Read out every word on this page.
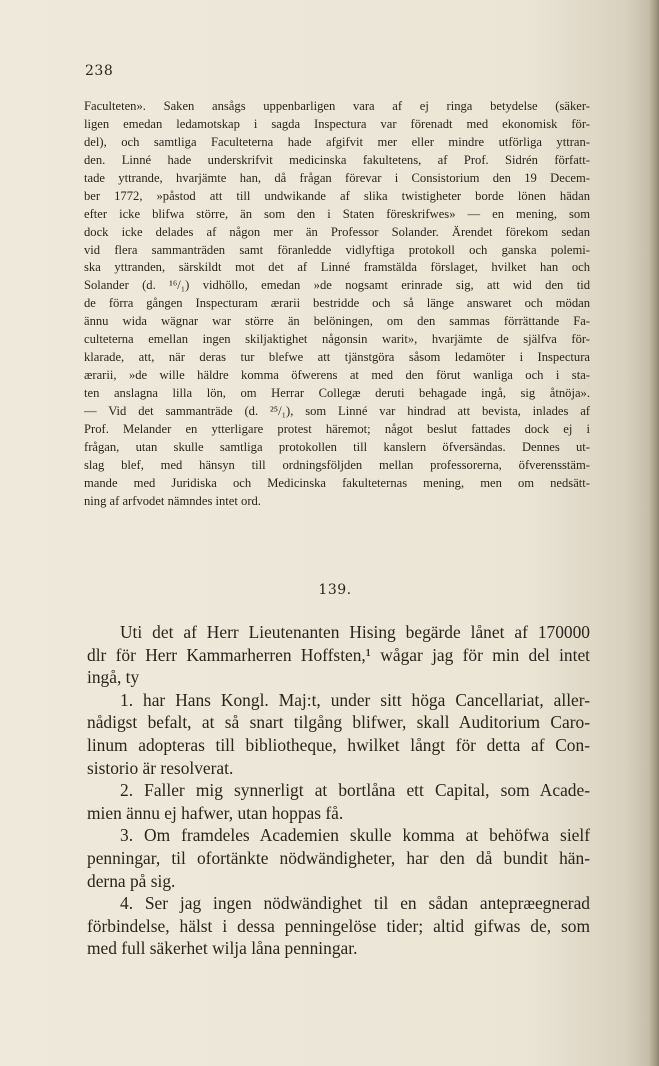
238
Faculteten». Saken ansågs uppenbarligen vara af ej ringa betydelse (säker-
ligen emedan ledamotskap i sagda Inspectura var förenadt med ekonomisk för-
del), och samtliga Faculteterna hade afgifvit mer eller mindre utförliga yttran-
den. Linné hade underskrifvit medicinska fakultetens, af Prof. Sidrén författ-
tade yttrande, hvarjämte han, då frågan förevar i Consistorium den 19 Decem-
ber 1772, »påstod att till undwikande af slika twistigheter borde lönen hädan
efter icke blifwa större, än som den i Staten föreskrifwes» — en mening, som
dock icke delades af någon mer än Professor Solander. Ärendet förekom sedan
vid flera sammanträden samt föranledde vidlyftiga protokoll och ganska polemi-
ska yttranden, särskildt mot det af Linné framstälda förslaget, hvilket han och
Solander (d. ¹⁶/₁) vidhöllo, emedan »de nogsamt erinrade sig, att wid den tid
de förra gången Inspecturam ærarii bestridde och så länge answaret och mödan
ännu wida wägnar war större än belöningen, om den sammas förrättande Fa-
culteterna emellan ingen skiljaktighet någonsin warit», hvarjämte de själfva för-
klarade, att, när deras tur blefwe att tjänstgöra såsom ledamöter i Inspectura
ærarii, »de wille häldre komma öfwerens at med den förut wanliga och i sta-
ten anslagna lilla lön, om Herrar Collegæ deruti behagade ingå, sig åtnöja».
— Vid det sammanträde (d. ²⁵/₁), som Linné var hindrad att bevista, inlades af
Prof. Melander en ytterligare protest häremot; något beslut fattades dock ej i
frågan, utan skulle samtliga protokollen till kanslern öfversändas. Dennes ut-
slag blef, med hänsyn till ordningsföljden mellan professorerna, öfverensstäm-
mande med Juridiska och Medicinska fakulteternas mening, men om nedsätt-
ning af arfvodet nämndes intet ord.
139.
Uti det af Herr Lieutenanten Hising begärde lånet af 170000
dlr för Herr Kammarherren Hoffsten,¹ wågar jag för min del intet
ingå, ty
1. har Hans Kongl. Maj:t, under sitt höga Cancellariat, aller-
nådigst befalt, at så snart tilgång blifwer, skall Auditorium Caro-
linum adopteras till bibliotheque, hwilket långt för detta af Con-
sistorio är resolverat.
2. Faller mig synnerligt at bortlåna ett Capital, som Acade-
mien ännu ej hafwer, utan hoppas få.
3. Om framdeles Academien skulle komma at behöfwa sielf
penningar, til ofortänkte nödwändigheter, har den då bundit hän-
derna på sig.
4. Ser jag ingen nödwändighet til en sådan antepræegnerad
förbindelse, hälst i dessa penningelöse tider; altid gifwas de, som
med full säkerhet wilja låna penningar.
